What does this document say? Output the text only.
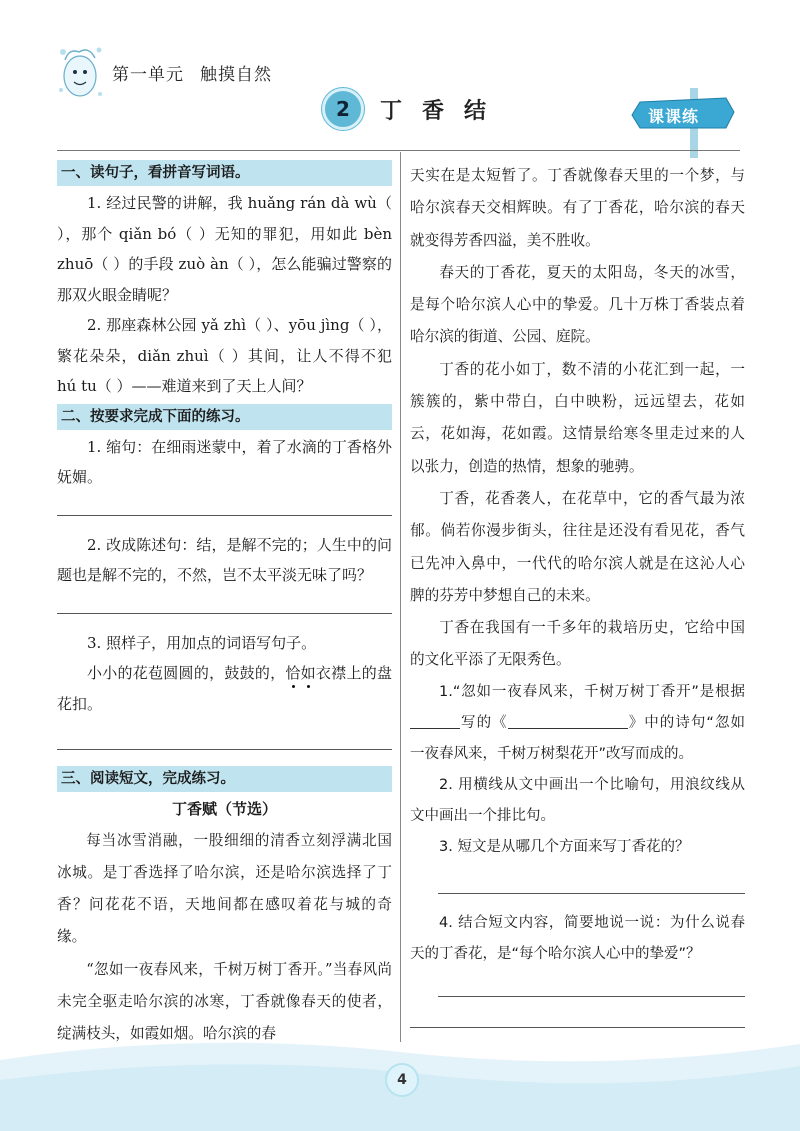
第一单元 触摸自然
2	丁香结	课课练
一、读句子，看拼音写词语。
1. 经过民警的讲解，我 huǎng rán dà wù（ ），那个 qiǎn bó（ ）无知的罪犯，用如此 bèn zhuō（ ）的手段 zuò àn（ ），怎么能骗过警察的那双火眼金睛呢？
2. 那座森林公园 yǎ zhì（ ）、yōu jìng（ ），繁花朵朵，diǎn zhuì（ ）其间，让人不得不犯 hú tu（ ）——难道来到了天上人间？
二、按要求完成下面的练习。
1. 缩句：在细雨迷蒙中，着了水滴的丁香格外妩媚。
2. 改成陈述句：结，是解不完的；人生中的问题也是解不完的，不然，岂不太平淡无味了吗？
3. 照样子，用加点的词语写句子。
小小的花苞圆圆的，鼓鼓的，恰如衣襟上的盘花扣。
三、阅读短文，完成练习。
丁香赋（节选）
每当冰雪消融，一股细细的清香立刻浮满北国冰城。是丁香选择了哈尔滨，还是哈尔滨选择了丁香？问花花不语，天地间都在感叹着花与城的奇缘。
“忽如一夜春风来，千树万树丁香开。”当春风尚未完全驱走哈尔滨的冰寒，丁香就像春天的使者，绽满枝头，如霞如烟。哈尔滨的春
天实在是太短暂了。丁香就像春天里的一个梦，与哈尔滨春天交相辉映。有了丁香花，哈尔滨的春天就变得芳香四溢，美不胜收。
春天的丁香花，夏天的太阳岛，冬天的冰雪，是每个哈尔滨人心中的挚爱。几十万株丁香装点着哈尔滨的街道、公园、庭院。
丁香的花小如丁，数不清的小花汇到一起，一簇簇的，紫中带白，白中映粉，远远望去，花如云，花如海，花如霞。这情景给寒冬里走过来的人以张力，创造的热情，想象的驰骋。
丁香，花香袭人，在花草中，它的香气最为浓郁。倘若你漫步街头，往往是还没有看见花，香气已先冲入鼻中，一代代的哈尔滨人就是在这沁人心脾的芬芳中梦想自己的未来。
丁香在我国有一千多年的栽培历史，它给中国的文化平添了无限秀色。
1.“忽如一夜春风来，千树万树丁香开”是根据写的《	》中的诗句“忽如一夜春风来，千树万树梨花开”改写而成的。
2. 用横线从文中画出一个比喻句，用浪纹线从文中画出一个排比句。
3. 短文是从哪几个方面来写丁香花的？
4. 结合短文内容，简要地说一说：为什么说春天的丁香花，是“每个哈尔滨人心中的挚爱”？
4
